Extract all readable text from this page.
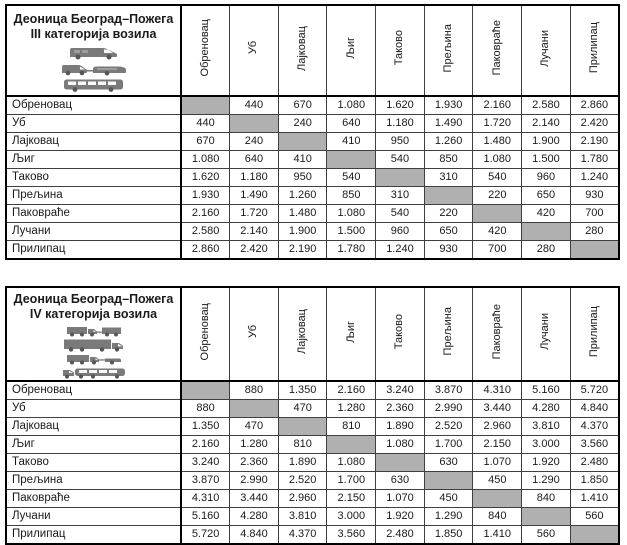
Деоница Београд–Пожега
III категорија возила	Обреновац	Уб	Лајковац	Љиг	Таково	Прељина	Паковраће	Лучани	Прилипац
Обреновац		440	670	1.080	1.620	1.930	2.160	2.580	2.860
Уб	440		240	640	1.180	1.490	1.720	2.140	2.420
Лајковац	670	240		410	950	1.260	1.480	1.900	2.190
Љиг	1.080	640	410		540	850	1.080	1.500	1.780
Таково	1.620	1.180	950	540		310	540	960	1.240
Прељина	1.930	1.490	1.260	850	310		220	650	930
Паковраће	2.160	1.720	1.480	1.080	540	220		420	700
Лучани	2.580	2.140	1.900	1.500	960	650	420		280
Прилипац	2.860	2.420	2.190	1.780	1.240	930	700	280	
Деоница Београд–Пожега
IV категорија возила	Обреновац	Уб	Лајковац	Љиг	Таково	Прељина	Паковраће	Лучани	Прилипац
Обреновац		880	1.350	2.160	3.240	3.870	4.310	5.160	5.720
Уб	880		470	1.280	2.360	2.990	3.440	4.280	4.840
Лајковац	1.350	470		810	1.890	2.520	2.960	3.810	4.370
Љиг	2.160	1.280	810		1.080	1.700	2.150	3.000	3.560
Таково	3.240	2.360	1.890	1.080		630	1.070	1.920	2.480
Прељина	3.870	2.990	2.520	1.700	630		450	1.290	1.850
Паковраће	4.310	3.440	2.960	2.150	1.070	450		840	1.410
Лучани	5.160	4.280	3.810	3.000	1.920	1.290	840		560
Прилипац	5.720	4.840	4.370	3.560	2.480	1.850	1.410	560	
